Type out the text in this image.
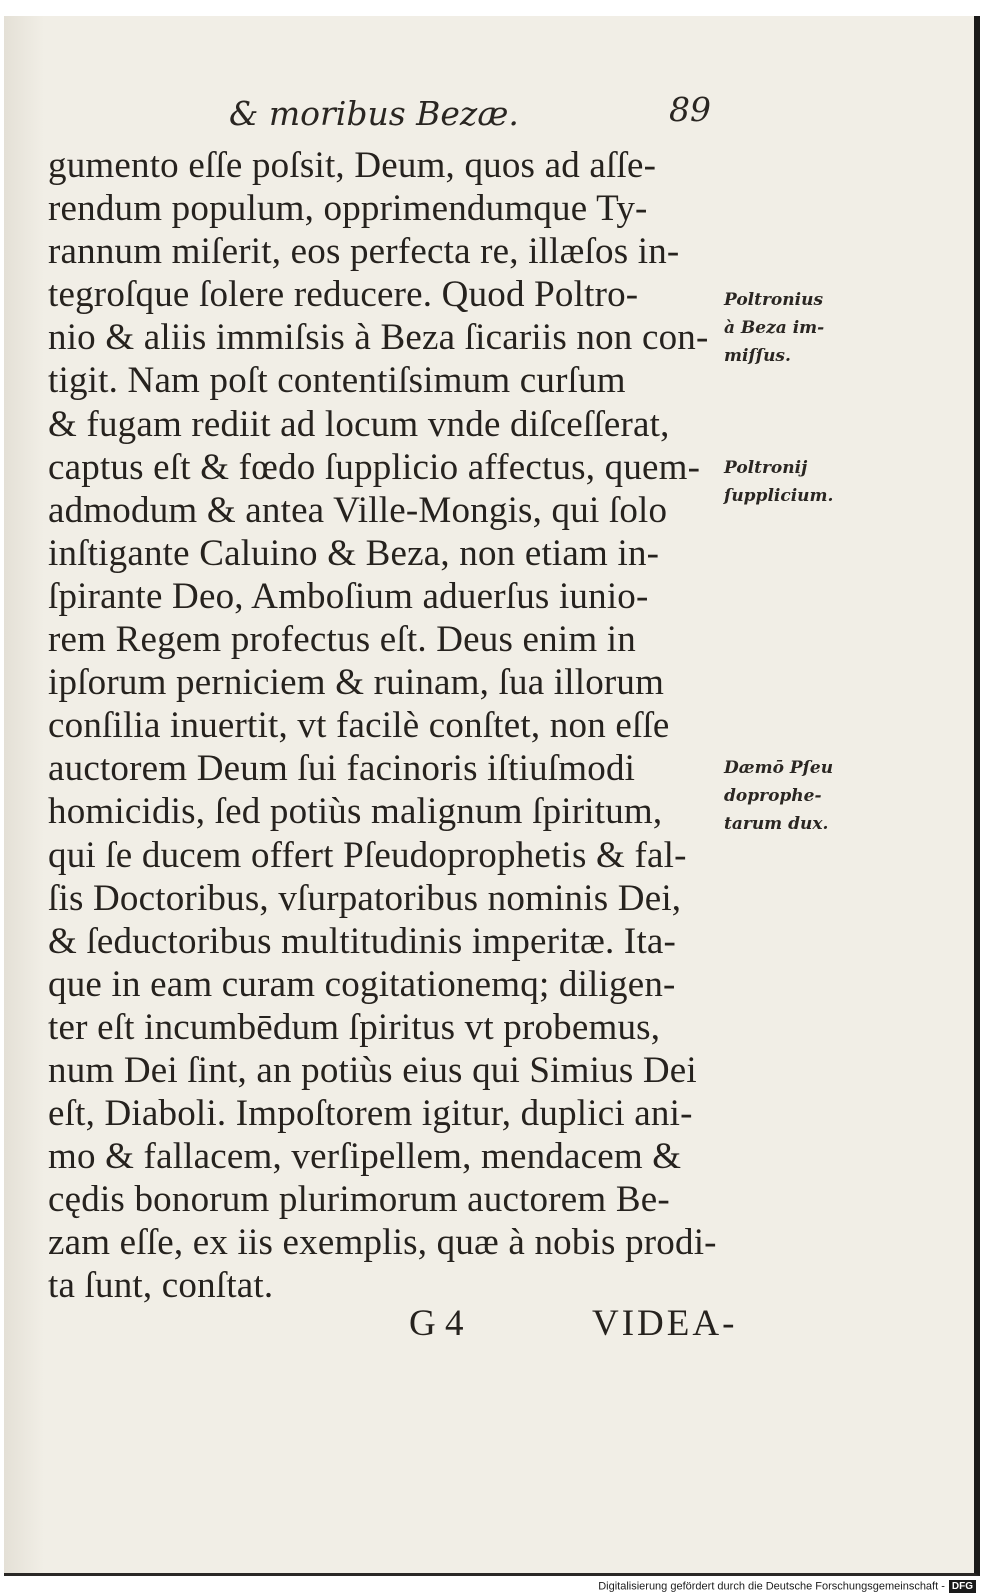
& moribus Bezæ.	89
gumento eſſe poſsit, Deum, quos ad aſſe-
rendum populum, opprimendumque Ty-
rannum miſerit, eos perfecta re, illæſos in-
tegroſque ſolere reducere. Quod Poltro-
nio & aliis immiſsis à Beza ſicariis non con-
tigit. Nam poſt contentiſsimum curſum
& fugam rediit ad locum vnde diſceſſerat,
captus eſt & fœdo ſupplicio affectus, quem-
admodum & antea Ville-Mongis, qui ſolo
inſtigante Caluino & Beza, non etiam in-
ſpirante Deo, Amboſium aduerſus iunio-
rem Regem profectus eſt. Deus enim in
ipſorum perniciem & ruinam, ſua illorum
conſilia inuertit, vt facilè conſtet, non eſſe
auctorem Deum ſui facinoris iſtiuſmodi
homicidis, ſed potiùs malignum ſpiritum,
qui ſe ducem offert Pſeudoprophetis & fal-
ſis Doctoribus, vſurpatoribus nominis Dei,
& ſeductoribus multitudinis imperitæ. Ita-
que in eam curam cogitationemq; diligen-
ter eſt incumbēdum ſpiritus vt probemus,
num Dei ſint, an potiùs eius qui Simius Dei
eſt, Diaboli. Impoſtorem igitur, duplici ani-
mo & fallacem, verſipellem, mendacem &
cędis bonorum plurimorum auctorem Be-
zam eſſe, ex iis exemplis, quæ à nobis prodi-
ta ſunt, conſtat.
Poltronius
à Beza im-
miſſus.
Poltronij
ſupplicium.
Dæmō Pſeu
doprophe-
tarum dux.
G 4	VIDEA-
Digitalisierung gefördert durch die Deutsche Forschungsgemeinschaft - DFG
